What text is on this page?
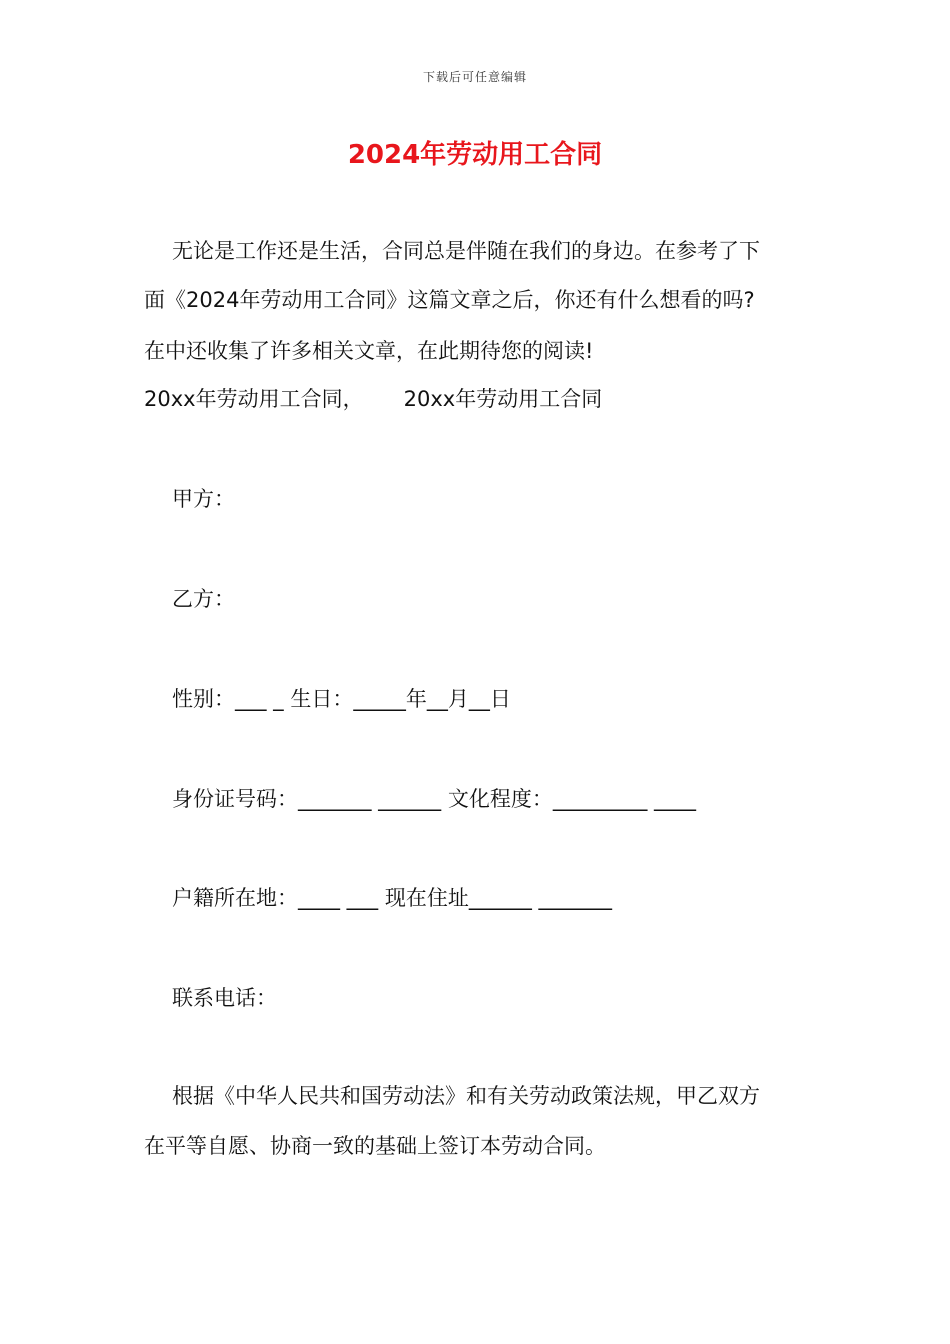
下载后可任意编辑
2024年劳动用工合同

无论是工作还是生活，合同总是伴随在我们的身边。在参考了下

面《2024年劳动用工合同》这篇文章之后，你还有什么想看的吗?

在中还收集了许多相关文章，在此期待您的阅读!

20xx年劳动用工合同，      20xx年劳动用工合同

甲方：

乙方：

性别：___ _ 生日：_____年__月__日

身份证号码：_______ ______ 文化程度：_________ ____

户籍所在地：____ ___ 现在住址______ _______

联系电话：

根据《中华人民共和国劳动法》和有关劳动政策法规，甲乙双方

在平等自愿、协商一致的基础上签订本劳动合同。
